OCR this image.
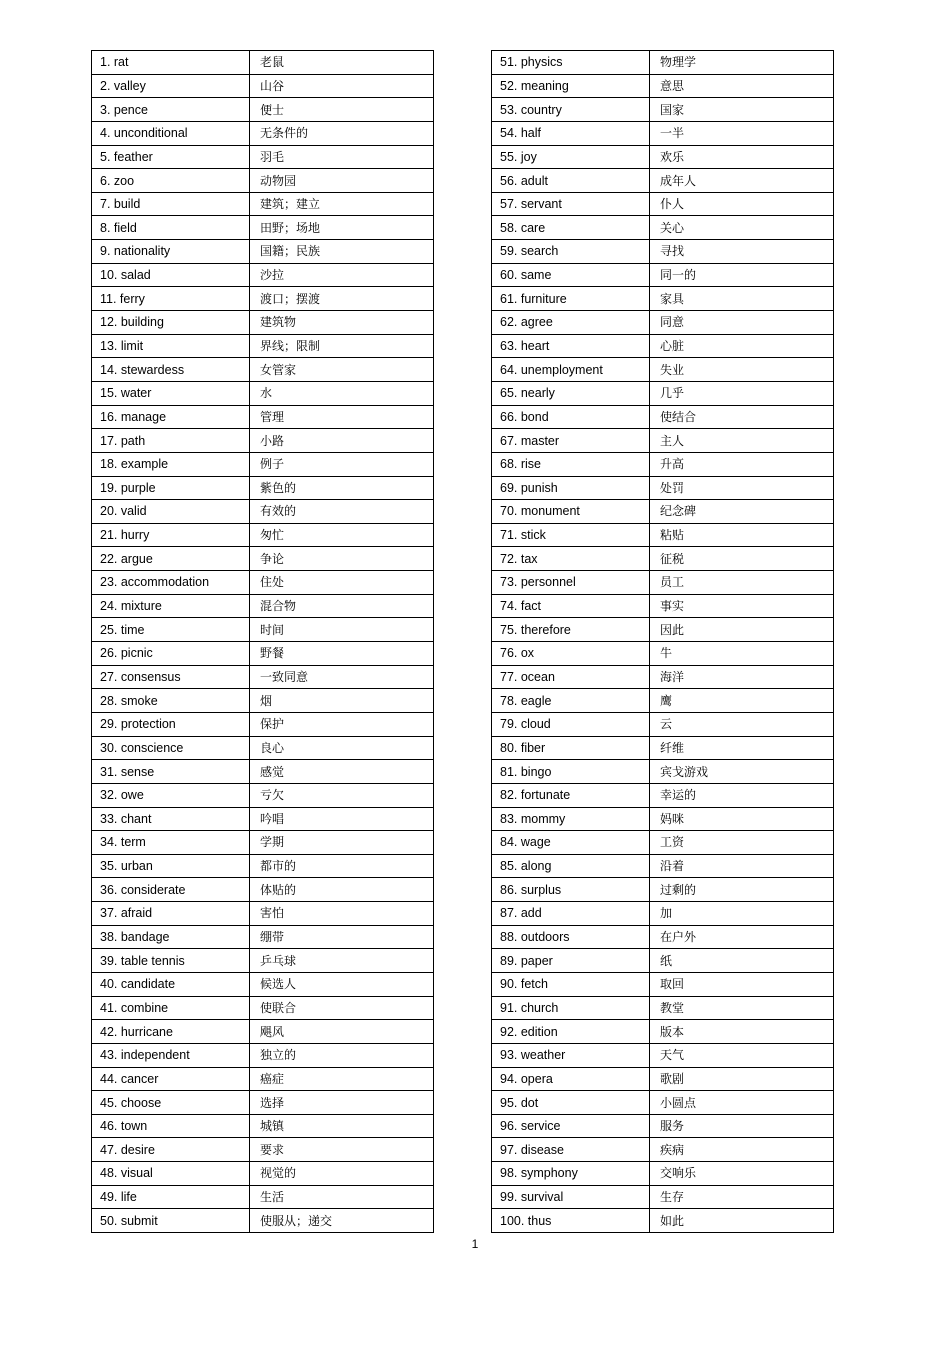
1. rat	老鼠
2. valley	山谷
3. pence	便士
4. unconditional	无条件的
5. feather	羽毛
6. zoo	动物园
7. build	建筑；建立
8. field	田野；场地
9. nationality	国籍；民族
10. salad	沙拉
11. ferry	渡口；摆渡
12. building	建筑物
13. limit	界线；限制
14. stewardess	女管家
15. water	水
16. manage	管理
17. path	小路
18. example	例子
19. purple	紫色的
20. valid	有效的
21. hurry	匆忙
22. argue	争论
23. accommodation	住处
24. mixture	混合物
25. time	时间
26. picnic	野餐
27. consensus	一致同意
28. smoke	烟
29. protection	保护
30. conscience	良心
31. sense	感觉
32. owe	亏欠
33. chant	吟唱
34. term	学期
35. urban	都市的
36. considerate	体贴的
37. afraid	害怕
38. bandage	绷带
39. table tennis	乒乓球
40. candidate	候选人
41. combine	使联合
42. hurricane	飓风
43. independent	独立的
44. cancer	癌症
45. choose	选择
46. town	城镇
47. desire	要求
48. visual	视觉的
49. life	生活
50. submit	使服从；递交
51. physics	物理学
52. meaning	意思
53. country	国家
54. half	一半
55. joy	欢乐
56. adult	成年人
57. servant	仆人
58. care	关心
59. search	寻找
60. same	同一的
61. furniture	家具
62. agree	同意
63. heart	心脏
64. unemployment	失业
65. nearly	几乎
66. bond	使结合
67. master	主人
68. rise	升高
69. punish	处罚
70. monument	纪念碑
71. stick	粘贴
72. tax	征税
73. personnel	员工
74. fact	事实
75. therefore	因此
76. ox	牛
77. ocean	海洋
78. eagle	鹰
79. cloud	云
80. fiber	纤维
81. bingo	宾戈游戏
82. fortunate	幸运的
83. mommy	妈咪
84. wage	工资
85. along	沿着
86. surplus	过剩的
87. add	加
88. outdoors	在户外
89. paper	纸
90. fetch	取回
91. church	教堂
92. edition	版本
93. weather	天气
94. opera	歌剧
95. dot	小圆点
96. service	服务
97. disease	疾病
98. symphony	交响乐
99. survival	生存
100. thus	如此
1
